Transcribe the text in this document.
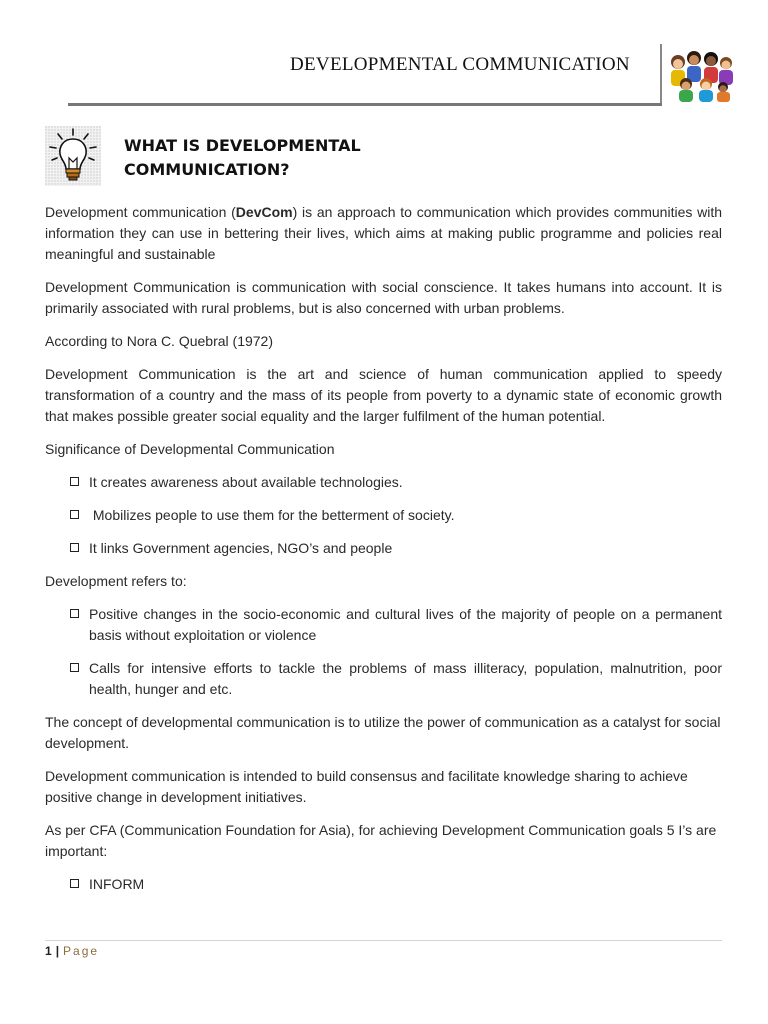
DEVELOPMENTAL COMMUNICATION
WHAT IS DEVELOPMENTAL
COMMUNICATION?

Development communication (DevCom) is an approach to communication which provides communities with information they can use in bettering their lives, which aims at making public programme and policies real meaningful and sustainable

Development Communication is communication with social conscience. It takes humans into account. It is primarily associated with rural problems, but is also concerned with urban problems.

According to Nora C. Quebral (1972)

Development Communication is the art and science of human communication applied to speedy transformation of a country and the mass of its people from poverty to a dynamic state of economic growth that makes possible greater social equality and the larger fulfilment of the human potential.

Significance of Developmental Communication

It creates awareness about available technologies.
Mobilizes people to use them for the betterment of society.
It links Government agencies, NGO’s and people

Development refers to:

Positive changes in the socio-economic and cultural lives of the majority of people on a permanent basis without exploitation or violence
Calls for intensive efforts to tackle the problems of mass illiteracy, population, malnutrition, poor health, hunger and etc.

The concept of developmental communication is to utilize the power of communication as a catalyst for social development.

Development communication is intended to build consensus and facilitate knowledge sharing to achieve positive change in development initiatives.

As per CFA (Communication Foundation for Asia), for achieving Development Communication goals 5 I’s are important:

INFORM
1 | Page
